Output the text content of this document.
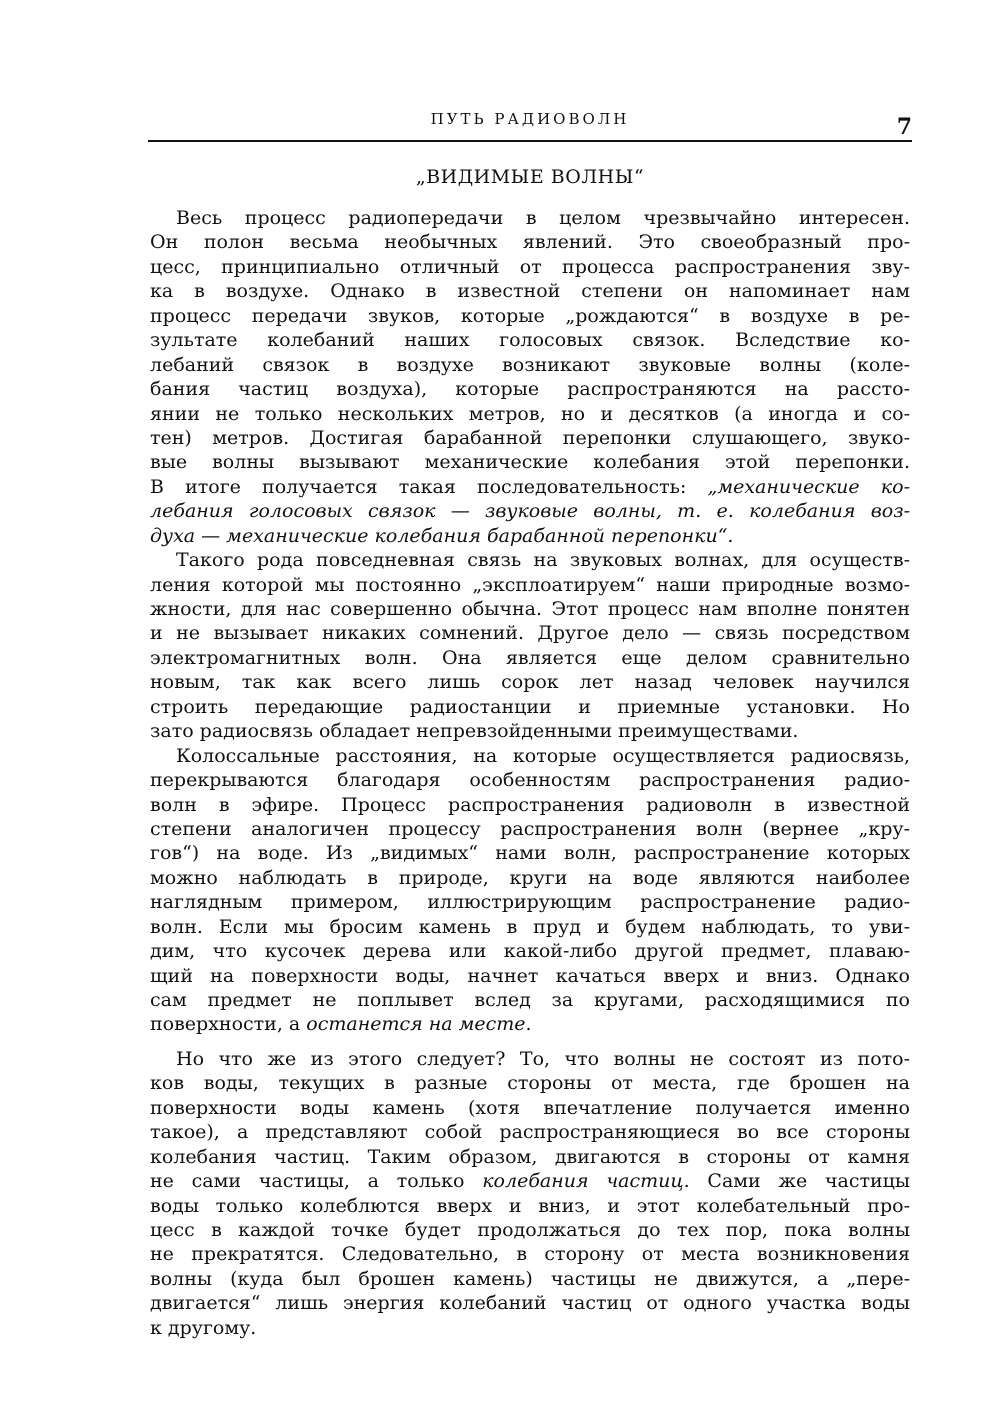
ПУТЬ РАДИОВОЛН	7
„ВИДИМЫЕ ВОЛНЫ“
Весь процесс радиопередачи в целом чрезвычайно интересен.
Он полон весьма необычных явлений. Это своеобразный про-
цесс, принципиально отличный от процесса распространения зву-
ка в воздухе. Однако в известной степени он напоминает нам
процесс передачи звуков, которые „рождаются“ в воздухе в ре-
зультате колебаний наших голосовых связок. Вследствие ко-
лебаний связок в воздухе возникают звуковые волны (коле-
бания частиц воздуха), которые распространяются на рассто-
янии не только нескольких метров, но и десятков (а иногда и со-
тен) метров. Достигая барабанной перепонки слушающего, звуко-
вые волны вызывают механические колебания этой перепонки.
В итоге получается такая последовательность: „механические ко-
лебания голосовых связок — звуковые волны, т. е. колебания воз-
духа — механические колебания барабанной перепонки“.
Такого рода повседневная связь на звуковых волнах, для осуществ-
ления которой мы постоянно „эксплоатируем“ наши природные возмо-
жности, для нас совершенно обычна. Этот процесс нам вполне понятен
и не вызывает никаких сомнений. Другое дело — связь посредством
электромагнитных волн. Она является еще делом сравнительно
новым, так как всего лишь сорок лет назад человек научился
строить передающие радиостанции и приемные установки. Но
зато радиосвязь обладает непревзойденными преимуществами.
Колоссальные расстояния, на которые осуществляется радиосвязь,
перекрываются благодаря особенностям распространения радио-
волн в эфире. Процесс распространения радиоволн в известной
степени аналогичен процессу распространения волн (вернее „кру-
гов“) на воде. Из „видимых“ нами волн, распространение которых
можно наблюдать в природе, круги на воде являются наиболее
наглядным примером, иллюстрирующим распространение радио-
волн. Если мы бросим камень в пруд и будем наблюдать, то уви-
дим, что кусочек дерева или какой-либо другой предмет, плаваю-
щий на поверхности воды, начнет качаться вверх и вниз. Однако
сам предмет не поплывет вслед за кругами, расходящимися по
поверхности, а останется на месте.
Но что же из этого следует? То, что волны не состоят из пото-
ков воды, текущих в разные стороны от места, где брошен на
поверхности воды камень (хотя впечатление получается именно
такое), а представляют собой распространяющиеся во все стороны
колебания частиц. Таким образом, двигаются в стороны от камня
не сами частицы, а только колебания частиц. Сами же частицы
воды только колеблются вверх и вниз, и этот колебательный про-
цесс в каждой точке будет продолжаться до тех пор, пока волны
не прекратятся. Следовательно, в сторону от места возникновения
волны (куда был брошен камень) частицы не движутся, а „пере-
двигается“ лишь энергия колебаний частиц от одного участка воды
к другому.
